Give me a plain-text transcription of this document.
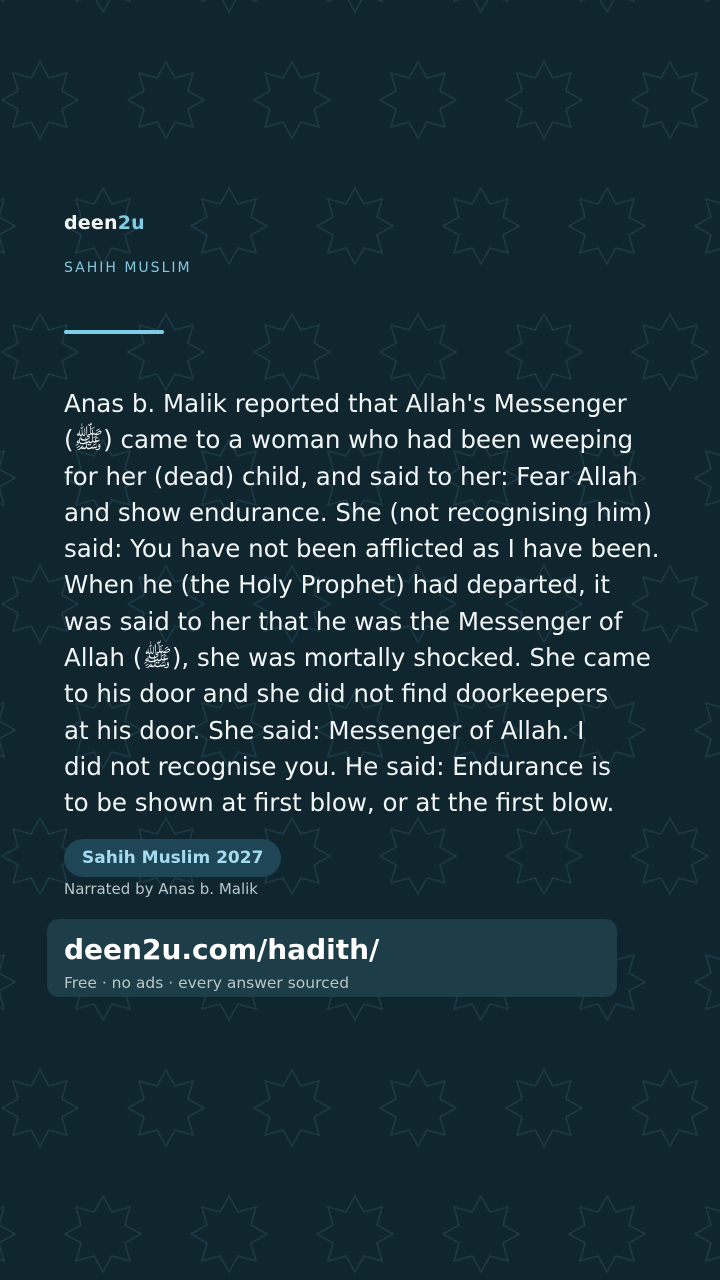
deen2u
SAHIH MUSLIM
Anas b. Malik reported that Allah's Messenger
(ﷺ) came to a woman who had been weeping
for her (dead) child, and said to her: Fear Allah
and show endurance. She (not recognising him)
said: You have not been afflicted as I have been.
When he (the Holy Prophet) had departed, it
was said to her that he was the Messenger of
Allah (ﷺ), she was mortally shocked. She came
to his door and she did not find doorkeepers
at his door. She said: Messenger of Allah. I
did not recognise you. He said: Endurance is
to be shown at first blow, or at the first blow.
Sahih Muslim 2027
Narrated by Anas b. Malik
deen2u.com/hadith/
Free · no ads · every answer sourced
